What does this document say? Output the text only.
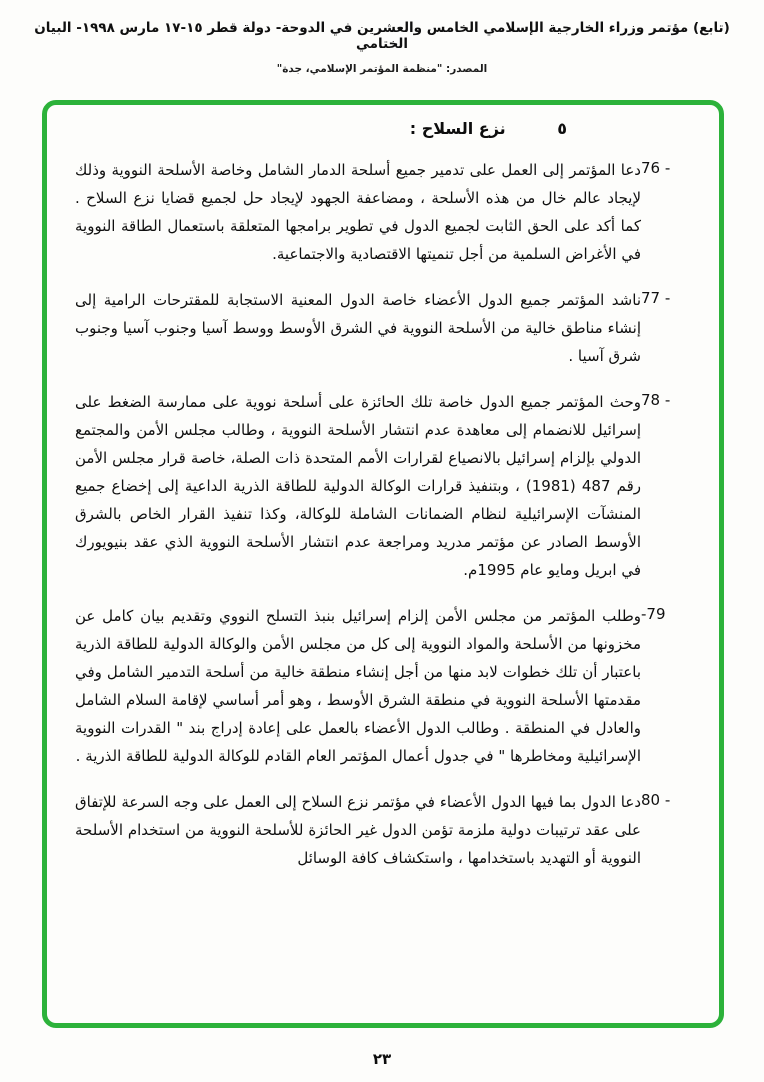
(تابع) مؤتمر وزراء الخارجية الإسلامي الخامس والعشرين في الدوحة- دولة قطر ١٥-١٧ مارس ١٩٩٨- البيان الختامي
المصدر: "منظمة المؤتمر الإسلامي، جدة"
٥ نزع السلاح :
76 -
دعا المؤتمر إلى العمل على تدمير جميع أسلحة الدمار الشامل وخاصة الأسلحة النووية وذلك لإيجاد عالم خال من هذه الأسلحة ، ومضاعفة الجهود لإيجاد حل لجميع قضايا نزع السلاح . كما أكد على الحق الثابت لجميع الدول في تطوير برامجها المتعلقة باستعمال الطاقة النووية في الأغراض السلمية من أجل تنميتها الاقتصادية والاجتماعية.
77 -
ناشد المؤتمر جميع الدول الأعضاء خاصة الدول المعنية الاستجابة للمقترحات الرامية إلى إنشاء مناطق خالية من الأسلحة النووية في الشرق الأوسط ووسط آسيا وجنوب آسيا وجنوب شرق آسيا .
78 -
وحث المؤتمر جميع الدول خاصة تلك الحائزة على أسلحة نووية على ممارسة الضغط على إسرائيل للانضمام إلى معاهدة عدم انتشار الأسلحة النووية ، وطالب مجلس الأمن والمجتمع الدولي بإلزام إسرائيل بالانصياع لقرارات الأمم المتحدة ذات الصلة، خاصة قرار مجلس الأمن رقم 487 (1981) ، وبتنفيذ قرارات الوكالة الدولية للطاقة الذرية الداعية إلى إخضاع جميع المنشآت الإسرائيلية لنظام الضمانات الشاملة للوكالة، وكذا تنفيذ القرار الخاص بالشرق الأوسط الصادر عن مؤتمر مدريد ومراجعة عدم انتشار الأسلحة النووية الذي عقد بنيويورك في ابريل ومايو عام 1995م.
-79
وطلب المؤتمر من مجلس الأمن إلزام إسرائيل بنبذ التسلح النووي وتقديم بيان كامل عن مخزونها من الأسلحة والمواد النووية إلى كل من مجلس الأمن والوكالة الدولية للطاقة الذرية باعتبار أن تلك خطوات لابد منها من أجل إنشاء منطقة خالية من أسلحة التدمير الشامل وفي مقدمتها الأسلحة النووية في منطقة الشرق الأوسط ، وهو أمر أساسي لإقامة السلام الشامل والعادل في المنطقة . وطالب الدول الأعضاء بالعمل على إعادة إدراج بند " القدرات النووية الإسرائيلية ومخاطرها " في جدول أعمال المؤتمر العام القادم للوكالة الدولية للطاقة الذرية .
80 -
دعا الدول بما فيها الدول الأعضاء في مؤتمر نزع السلاح إلى العمل على وجه السرعة للإتفاق على عقد ترتيبات دولية ملزمة تؤمن الدول غير الحائزة للأسلحة النووية من استخدام الأسلحة النووية أو التهديد باستخدامها ، واستكشاف كافة الوسائل
٢٣
